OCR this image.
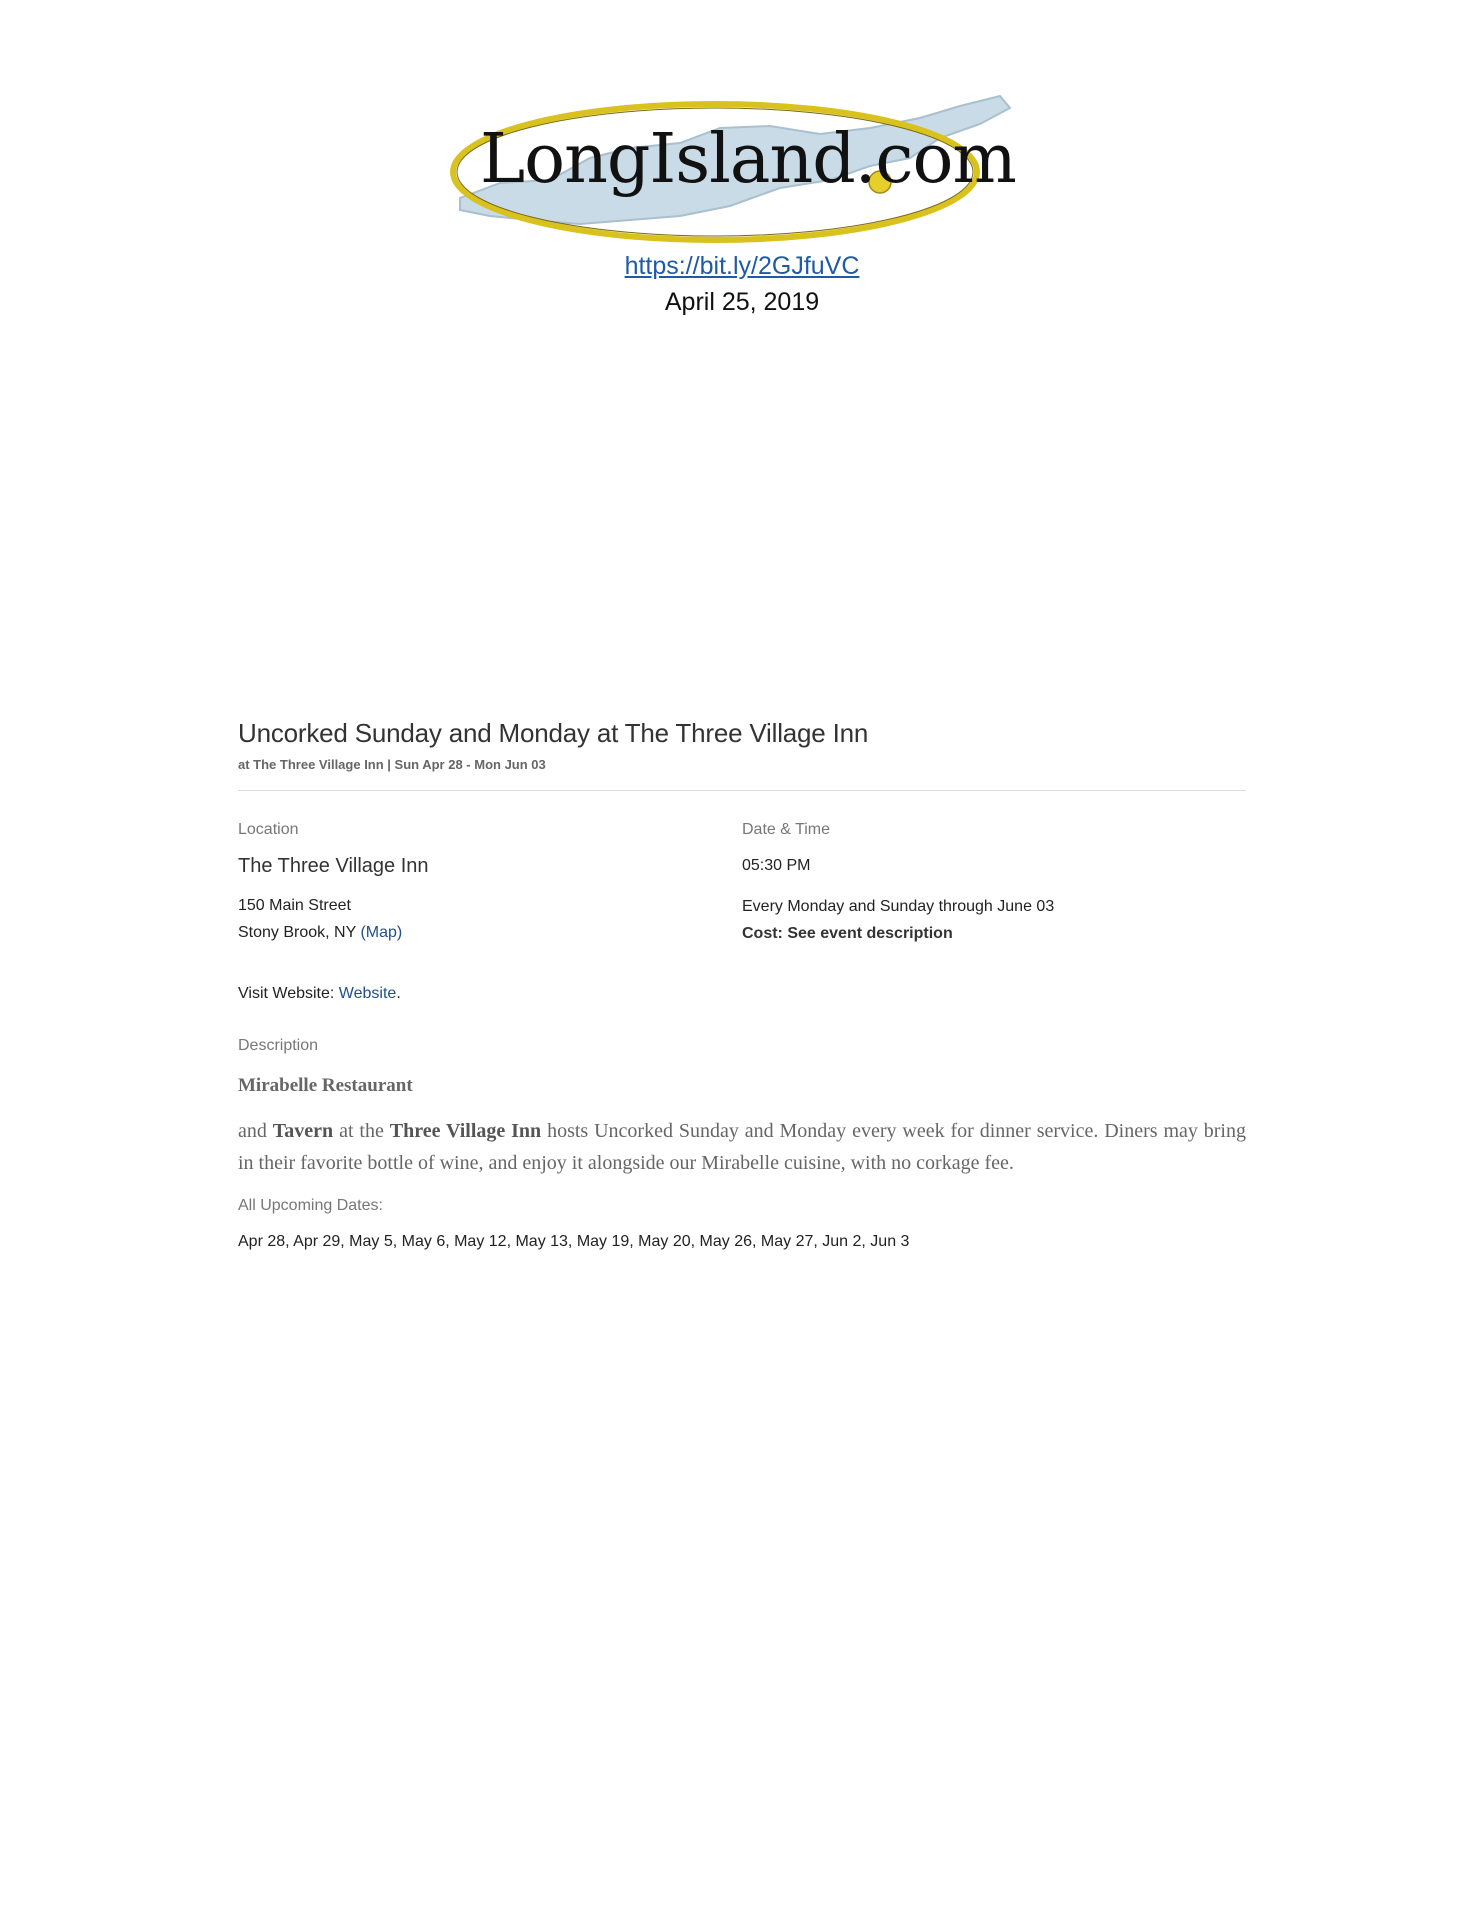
LongIsland.com
https://bit.ly/2GJfuVC
April 25, 2019
Uncorked Sunday and Monday at The Three Village Inn
at The Three Village Inn | Sun Apr 28 - Mon Jun 03
Location
The Three Village Inn
150 Main Street
Stony Brook, NY (Map)
Date & Time
05:30 PM
Every Monday and Sunday through June 03
Cost: See event description
Visit Website: Website.
Description
Mirabelle Restaurant
and Tavern at the Three Village Inn hosts Uncorked Sunday and Monday every week for dinner service. Diners may bring in their favorite bottle of wine, and enjoy it alongside our Mirabelle cuisine, with no corkage fee.
All Upcoming Dates:
Apr 28, Apr 29, May 5, May 6, May 12, May 13, May 19, May 20, May 26, May 27, Jun 2, Jun 3
